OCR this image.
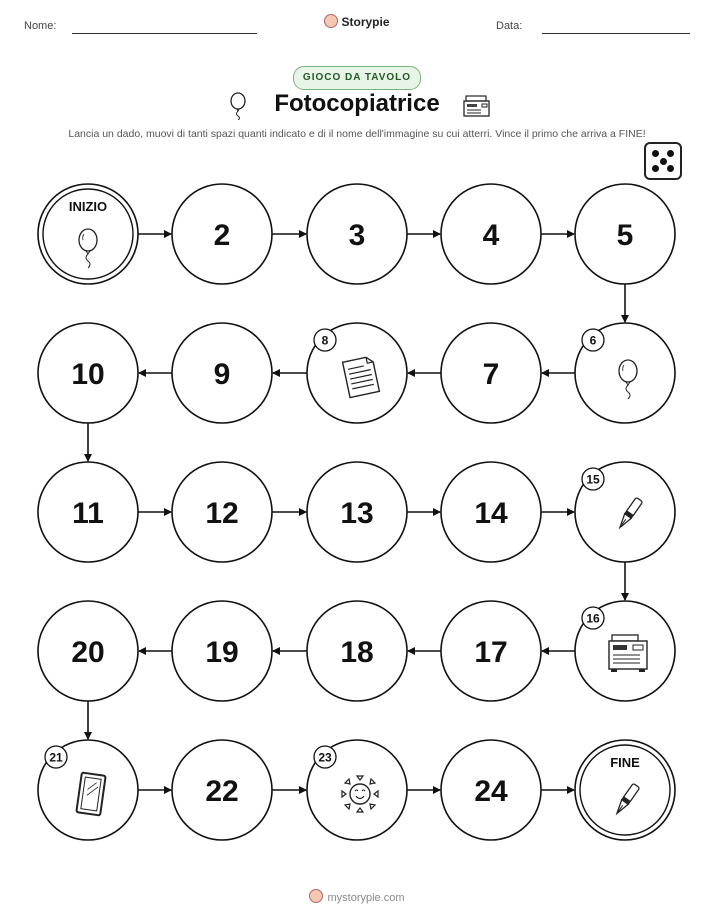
Nome:	Storypie	Data:
GIOCO DA TAVOLO
Fotocopiatrice
Lancia un dado, muovi di tanti spazi quanti indicato e di il nome dell'immagine su cui atterri. Vince il primo che arriva a FINE!
INIZIO
2	3	4	5
6
7
8
9
10
11	12	13	14
15
16
17
18
19
20
21
22
23
24
FINE
mystorypie.com
